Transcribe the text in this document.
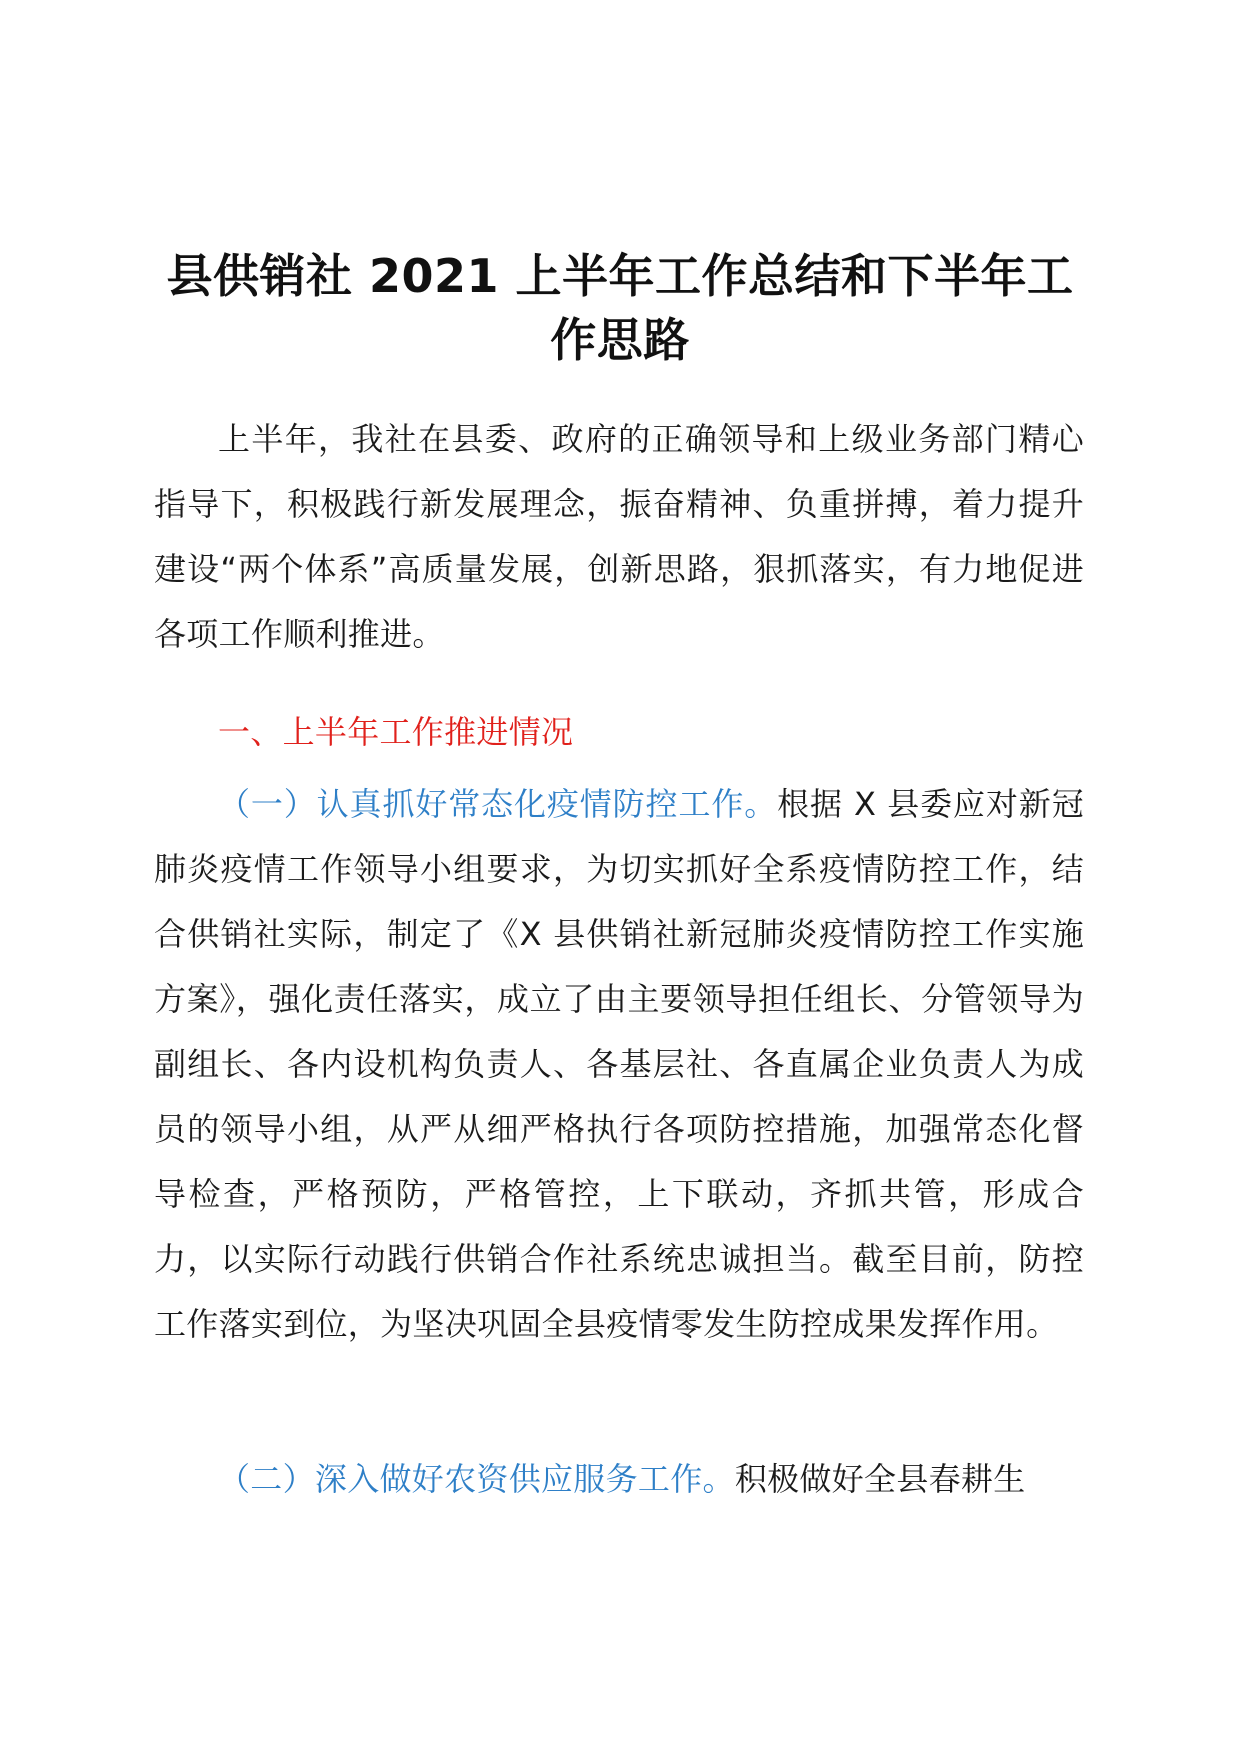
县供销社 2021 上半年工作总结和下半年工作思路

上半年，我社在县委、政府的正确领导和上级业务部门精心指导下，积极践行新发展理念，振奋精神、负重拼搏，着力提升建设“两个体系”高质量发展，创新思路，狠抓落实，有力地促进各项工作顺利推进。

一、上半年工作推进情况

（一）认真抓好常态化疫情防控工作。根据 X 县委应对新冠肺炎疫情工作领导小组要求，为切实抓好全系疫情防控工作，结合供销社实际，制定了《X 县供销社新冠肺炎疫情防控工作实施方案》，强化责任落实，成立了由主要领导担任组长、分管领导为副组长、各内设机构负责人、各基层社、各直属企业负责人为成员的领导小组，从严从细严格执行各项防控措施，加强常态化督导检查，严格预防，严格管控，上下联动，齐抓共管，形成合力，以实际行动践行供销合作社系统忠诚担当。截至目前，防控工作落实到位，为坚决巩固全县疫情零发生防控成果发挥作用。

（二）深入做好农资供应服务工作。积极做好全县春耕生
